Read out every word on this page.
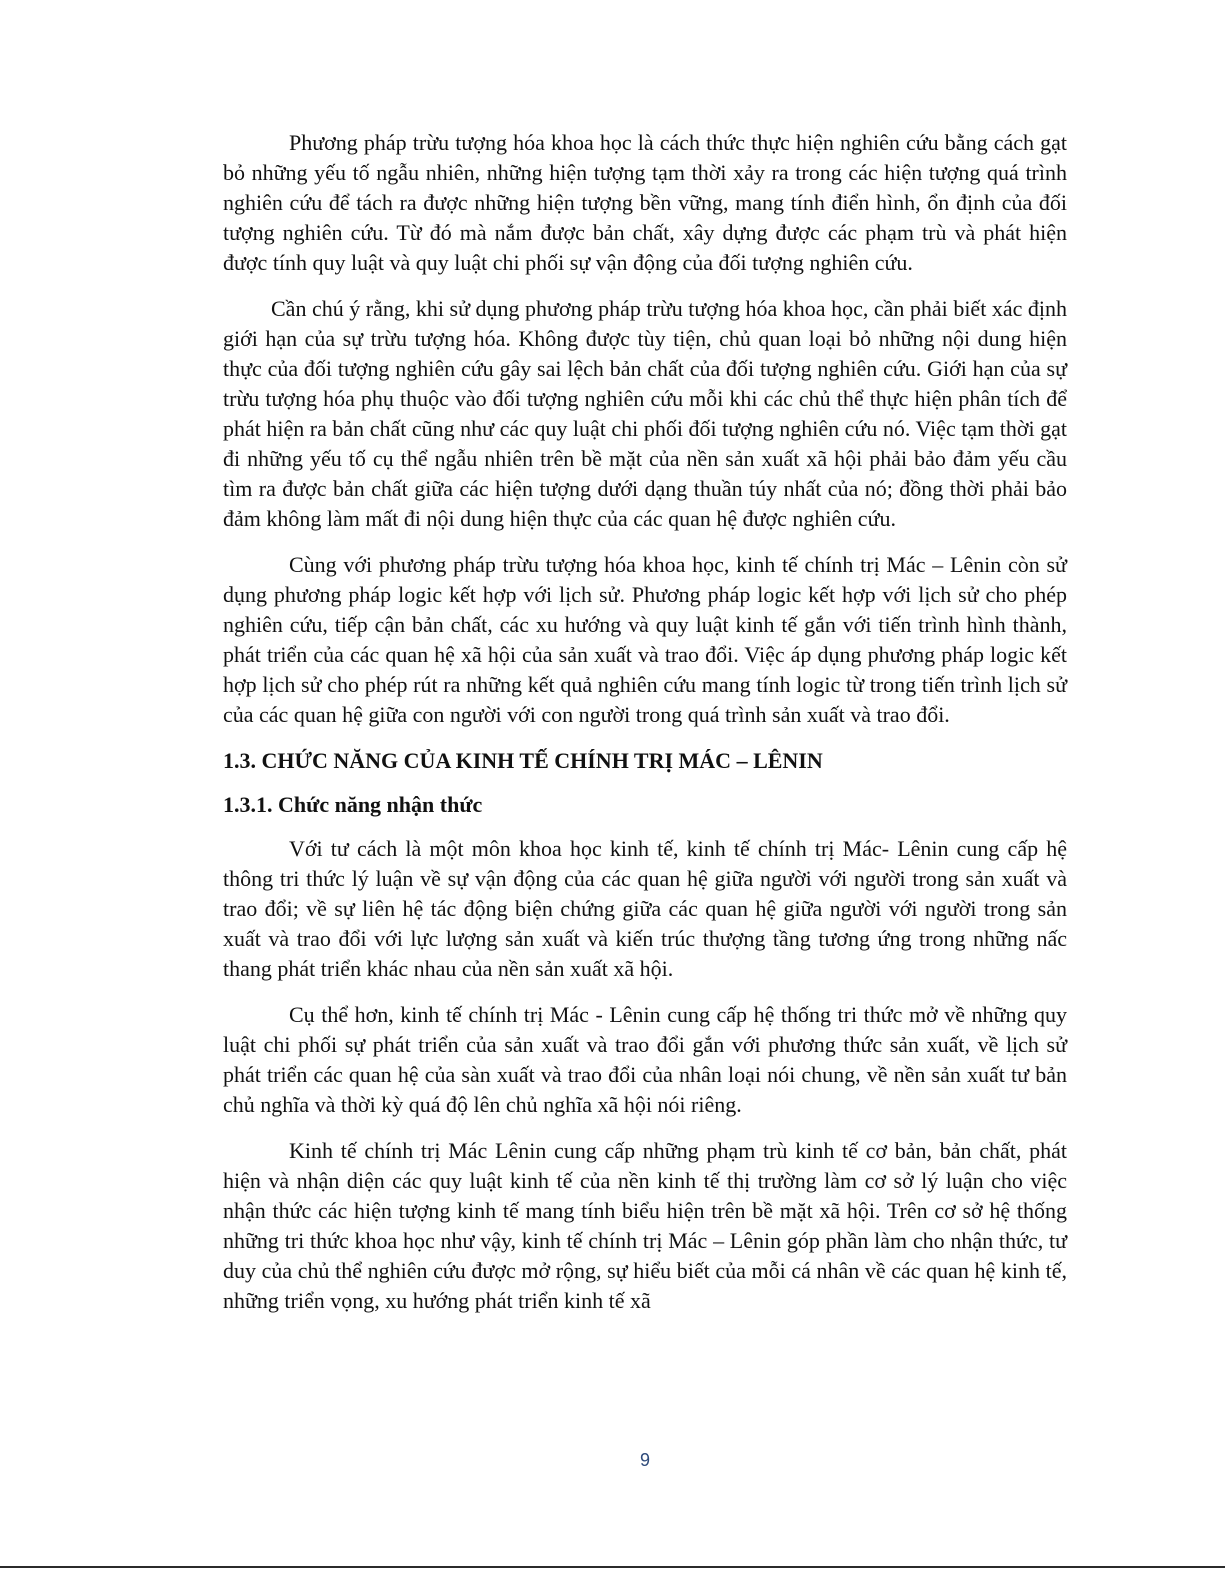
Phương pháp trừu tượng hóa khoa học là cách thức thực hiện nghiên cứu bằng cách gạt bỏ những yếu tố ngẫu nhiên, những hiện tượng tạm thời xảy ra trong các hiện tượng quá trình nghiên cứu để tách ra được những hiện tượng bền vững, mang tính điển hình, ổn định của đối tượng nghiên cứu. Từ đó mà nắm được bản chất, xây dựng được các phạm trù và phát hiện được tính quy luật và quy luật chi phối sự vận động của đối tượng nghiên cứu.

Cần chú ý rằng, khi sử dụng phương pháp trừu tượng hóa khoa học, cần phải biết xác định giới hạn của sự trừu tượng hóa. Không được tùy tiện, chủ quan loại bỏ những nội dung hiện thực của đối tượng nghiên cứu gây sai lệch bản chất của đối tượng nghiên cứu. Giới hạn của sự trừu tượng hóa phụ thuộc vào đối tượng nghiên cứu mỗi khi các chủ thể thực hiện phân tích để phát hiện ra bản chất cũng như các quy luật chi phối đối tượng nghiên cứu nó. Việc tạm thời gạt đi những yếu tố cụ thể ngẫu nhiên trên bề mặt của nền sản xuất xã hội phải bảo đảm yếu cầu tìm ra được bản chất giữa các hiện tượng dưới dạng thuần túy nhất của nó; đồng thời phải bảo đảm không làm mất đi nội dung hiện thực của các quan hệ được nghiên cứu.

Cùng với phương pháp trừu tượng hóa khoa học, kinh tế chính trị Mác – Lênin còn sử dụng phương pháp logic kết hợp với lịch sử. Phương pháp logic kết hợp với lịch sử cho phép nghiên cứu, tiếp cận bản chất, các xu hướng và quy luật kinh tế gắn với tiến trình hình thành, phát triển của các quan hệ xã hội của sản xuất và trao đổi. Việc áp dụng phương pháp logic kết hợp lịch sử cho phép rút ra những kết quả nghiên cứu mang tính logic từ trong tiến trình lịch sử của các quan hệ giữa con người với con người trong quá trình sản xuất và trao đổi.

1.3. CHỨC NĂNG CỦA KINH TẾ CHÍNH TRỊ MÁC – LÊNIN
1.3.1. Chức năng nhận thức

Với tư cách là một môn khoa học kinh tế, kinh tế chính trị Mác- Lênin cung cấp hệ thông tri thức lý luận về sự vận động của các quan hệ giữa người với người trong sản xuất và trao đổi; về sự liên hệ tác động biện chứng giữa các quan hệ giữa người với người trong sản xuất và trao đổi với lực lượng sản xuất và kiến trúc thượng tầng tương ứng trong những nấc thang phát triển khác nhau của nền sản xuất xã hội.

Cụ thể hơn, kinh tế chính trị Mác - Lênin cung cấp hệ thống tri thức mở về những quy luật chi phối sự phát triển của sản xuất và trao đổi gắn với phương thức sản xuất, về lịch sử phát triển các quan hệ của sàn xuất và trao đổi của nhân loại nói chung, về nền sản xuất tư bản chủ nghĩa và thời kỳ quá độ lên chủ nghĩa xã hội nói riêng.

Kinh tế chính trị Mác Lênin cung cấp những phạm trù kinh tế cơ bản, bản chất, phát hiện và nhận diện các quy luật kinh tế của nền kinh tế thị trường làm cơ sở lý luận cho việc nhận thức các hiện tượng kinh tế mang tính biểu hiện trên bề mặt xã hội. Trên cơ sở hệ thống những tri thức khoa học như vậy, kinh tế chính trị Mác – Lênin góp phần làm cho nhận thức, tư duy của chủ thể nghiên cứu được mở rộng, sự hiểu biết của mỗi cá nhân về các quan hệ kinh tế, những triển vọng, xu hướng phát triển kinh tế xã

9
